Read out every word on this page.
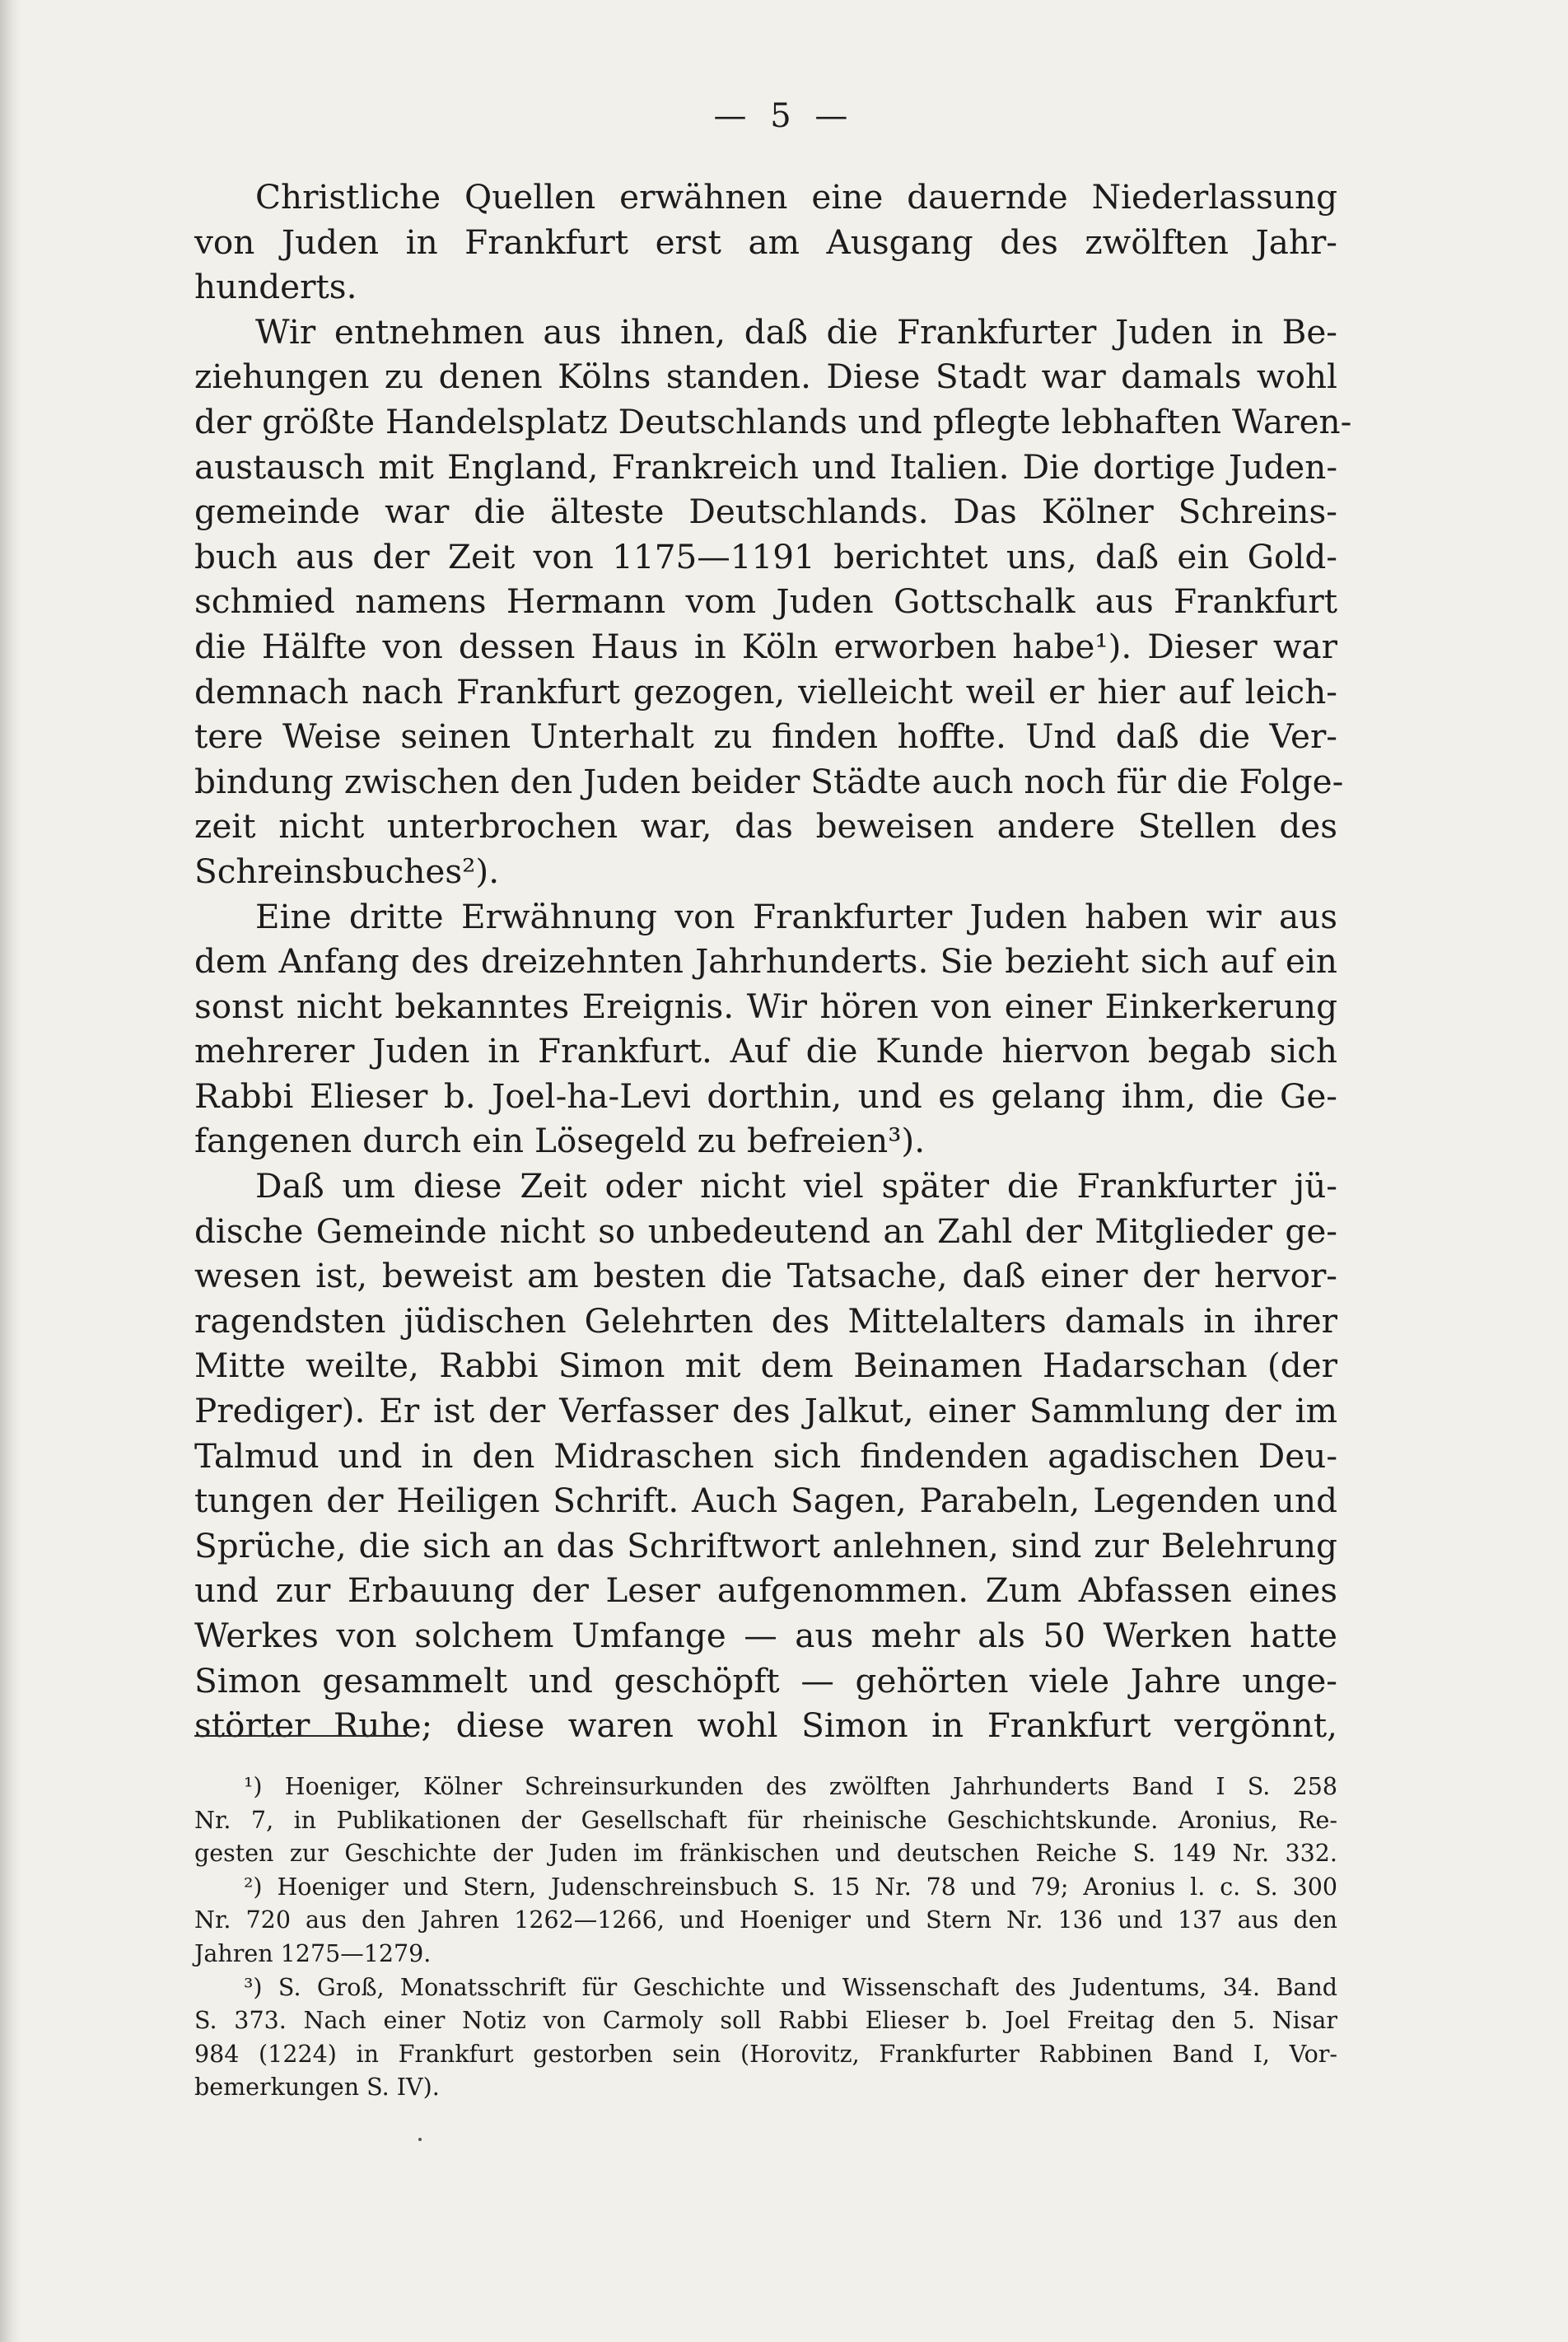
— 5 —
Christliche Quellen erwähnen eine dauernde Niederlassung
von Juden in Frankfurt erst am Ausgang des zwölften Jahr-
hunderts.
Wir entnehmen aus ihnen, daß die Frankfurter Juden in Be-
ziehungen zu denen Kölns standen. Diese Stadt war damals wohl
der größte Handelsplatz Deutschlands und pflegte lebhaften Waren-
austausch mit England, Frankreich und Italien. Die dortige Juden-
gemeinde war die älteste Deutschlands. Das Kölner Schreins-
buch aus der Zeit von 1175—1191 berichtet uns, daß ein Gold-
schmied namens Hermann vom Juden Gottschalk aus Frankfurt
die Hälfte von dessen Haus in Köln erworben habe¹). Dieser war
demnach nach Frankfurt gezogen, vielleicht weil er hier auf leich-
tere Weise seinen Unterhalt zu finden hoffte. Und daß die Ver-
bindung zwischen den Juden beider Städte auch noch für die Folge-
zeit nicht unterbrochen war, das beweisen andere Stellen des
Schreinsbuches²).
Eine dritte Erwähnung von Frankfurter Juden haben wir aus
dem Anfang des dreizehnten Jahrhunderts. Sie bezieht sich auf ein
sonst nicht bekanntes Ereignis. Wir hören von einer Einkerkerung
mehrerer Juden in Frankfurt. Auf die Kunde hiervon begab sich
Rabbi Elieser b. Joel-ha-Levi dorthin, und es gelang ihm, die Ge-
fangenen durch ein Lösegeld zu befreien³).
Daß um diese Zeit oder nicht viel später die Frankfurter jü-
dische Gemeinde nicht so unbedeutend an Zahl der Mitglieder ge-
wesen ist, beweist am besten die Tatsache, daß einer der hervor-
ragendsten jüdischen Gelehrten des Mittelalters damals in ihrer
Mitte weilte, Rabbi Simon mit dem Beinamen Hadarschan (der
Prediger). Er ist der Verfasser des Jalkut, einer Sammlung der im
Talmud und in den Midraschen sich findenden agadischen Deu-
tungen der Heiligen Schrift. Auch Sagen, Parabeln, Legenden und
Sprüche, die sich an das Schriftwort anlehnen, sind zur Belehrung
und zur Erbauung der Leser aufgenommen. Zum Abfassen eines
Werkes von solchem Umfange — aus mehr als 50 Werken hatte
Simon gesammelt und geschöpft — gehörten viele Jahre unge-
störter Ruhe; diese waren wohl Simon in Frankfurt vergönnt,
¹) Hoeniger, Kölner Schreinsurkunden des zwölften Jahrhunderts Band I S. 258
Nr. 7, in Publikationen der Gesellschaft für rheinische Geschichtskunde. Aronius, Re-
gesten zur Geschichte der Juden im fränkischen und deutschen Reiche S. 149 Nr. 332.
²) Hoeniger und Stern, Judenschreinsbuch S. 15 Nr. 78 und 79; Aronius l. c. S. 300
Nr. 720 aus den Jahren 1262—1266, und Hoeniger und Stern Nr. 136 und 137 aus den
Jahren 1275—1279.
³) S. Groß, Monatsschrift für Geschichte und Wissenschaft des Judentums, 34. Band
S. 373. Nach einer Notiz von Carmoly soll Rabbi Elieser b. Joel Freitag den 5. Nisar
984 (1224) in Frankfurt gestorben sein (Horovitz, Frankfurter Rabbinen Band I, Vor-
bemerkungen S. IV).
